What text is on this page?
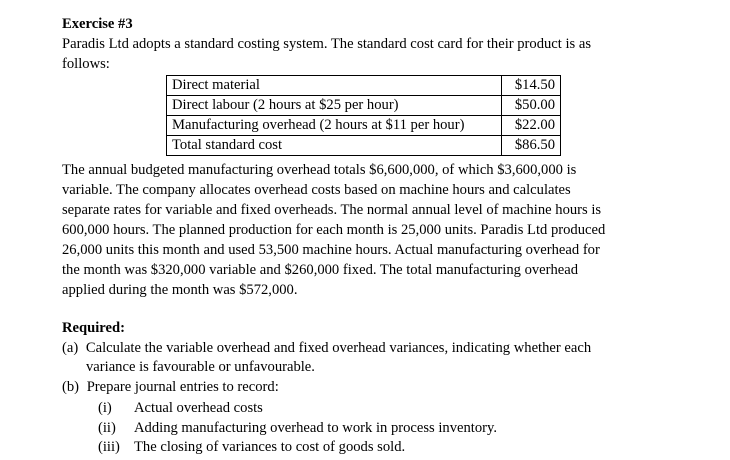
Exercise #3
Paradis Ltd adopts a standard costing system. The standard cost card for their product is as
follows:
Direct material	$14.50
Direct labour (2 hours at $25 per hour)	$50.00
Manufacturing overhead (2 hours at $11 per hour)	$22.00
Total standard cost	$86.50
The annual budgeted manufacturing overhead totals $6,600,000, of which $3,600,000 is
variable. The company allocates overhead costs based on machine hours and calculates
separate rates for variable and fixed overheads. The normal annual level of machine hours is
600,000 hours. The planned production for each month is 25,000 units. Paradis Ltd produced
26,000 units this month and used 53,500 machine hours. Actual manufacturing overhead for
the month was $320,000 variable and $260,000 fixed. The total manufacturing overhead
applied during the month was $572,000.
Required:
(a) Calculate the variable overhead and fixed overhead variances, indicating whether each
variance is favourable or unfavourable.
(b) Prepare journal entries to record:
(i) Actual overhead costs
(ii) Adding manufacturing overhead to work in process inventory.
(iii) The closing of variances to cost of goods sold.
